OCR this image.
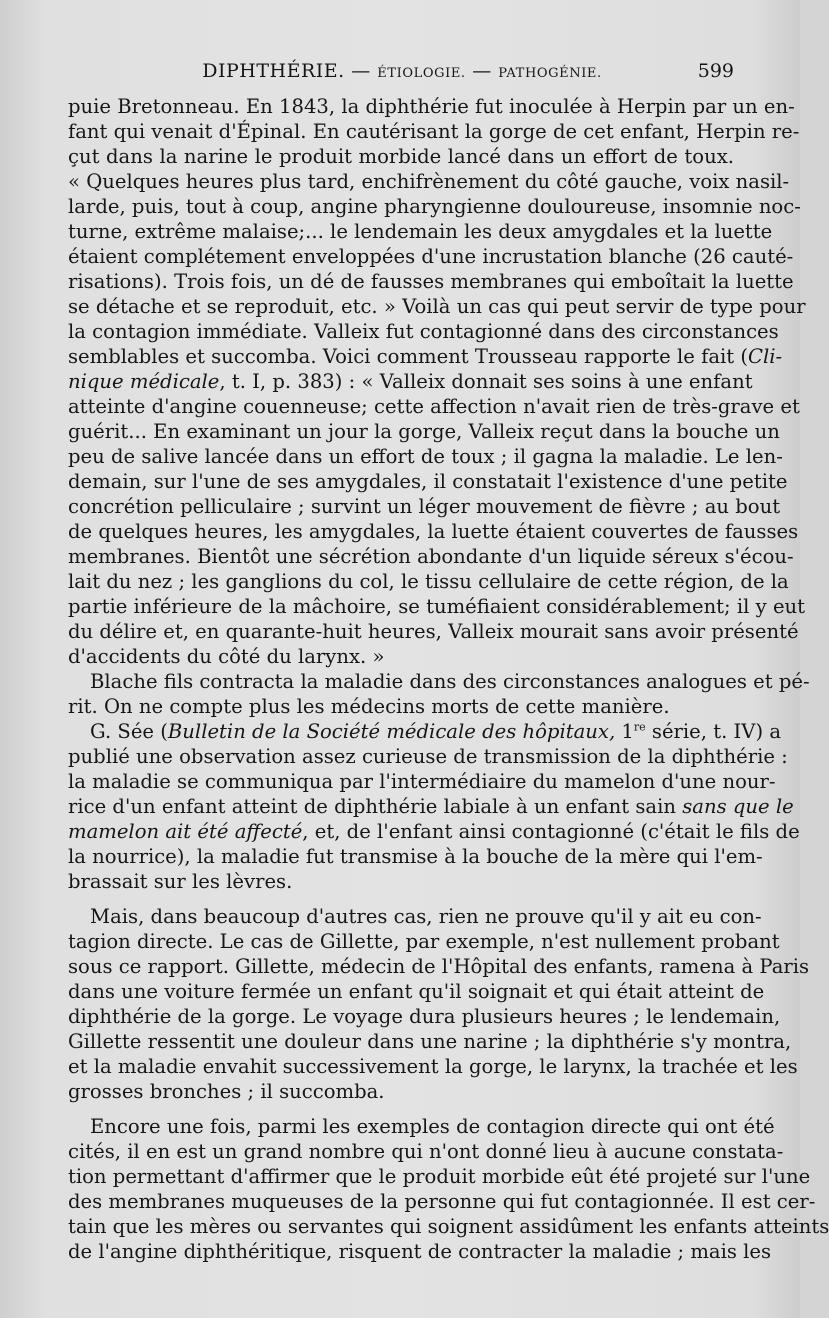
DIPHTHÉRIE. — ÉTIOLOGIE. — PATHOGÉNIE.	599
puie Bretonneau. En 1843, la diphthérie fut inoculée à Herpin par un en-
fant qui venait d'Épinal. En cautérisant la gorge de cet enfant, Herpin re-
çut dans la narine le produit morbide lancé dans un effort de toux.
« Quelques heures plus tard, enchifrènement du côté gauche, voix nasil-
larde, puis, tout à coup, angine pharyngienne douloureuse, insomnie noc-
turne, extrême malaise;... le lendemain les deux amygdales et la luette
étaient complétement enveloppées d'une incrustation blanche (26 cauté-
risations). Trois fois, un dé de fausses membranes qui emboîtait la luette
se détache et se reproduit, etc. » Voilà un cas qui peut servir de type pour
la contagion immédiate. Valleix fut contagionné dans des circonstances
semblables et succomba. Voici comment Trousseau rapporte le fait (Cli-
nique médicale, t. I, p. 383) : « Valleix donnait ses soins à une enfant
atteinte d'angine couenneuse; cette affection n'avait rien de très-grave et
guérit... En examinant un jour la gorge, Valleix reçut dans la bouche un
peu de salive lancée dans un effort de toux ; il gagna la maladie. Le len-
demain, sur l'une de ses amygdales, il constatait l'existence d'une petite
concrétion pelliculaire ; survint un léger mouvement de fièvre ; au bout
de quelques heures, les amygdales, la luette étaient couvertes de fausses
membranes. Bientôt une sécrétion abondante d'un liquide séreux s'écou-
lait du nez ; les ganglions du col, le tissu cellulaire de cette région, de la
partie inférieure de la mâchoire, se tuméfiaient considérablement; il y eut
du délire et, en quarante-huit heures, Valleix mourait sans avoir présenté
d'accidents du côté du larynx. »
Blache fils contracta la maladie dans des circonstances analogues et pé-
rit. On ne compte plus les médecins morts de cette manière.
G. Sée (Bulletin de la Société médicale des hôpitaux, 1re série, t. IV) a
publié une observation assez curieuse de transmission de la diphthérie :
la maladie se communiqua par l'intermédiaire du mamelon d'une nour-
rice d'un enfant atteint de diphthérie labiale à un enfant sain sans que le
mamelon ait été affecté, et, de l'enfant ainsi contagionné (c'était le fils de
la nourrice), la maladie fut transmise à la bouche de la mère qui l'em-
brassait sur les lèvres.
Mais, dans beaucoup d'autres cas, rien ne prouve qu'il y ait eu con-
tagion directe. Le cas de Gillette, par exemple, n'est nullement probant
sous ce rapport. Gillette, médecin de l'Hôpital des enfants, ramena à Paris
dans une voiture fermée un enfant qu'il soignait et qui était atteint de
diphthérie de la gorge. Le voyage dura plusieurs heures ; le lendemain,
Gillette ressentit une douleur dans une narine ; la diphthérie s'y montra,
et la maladie envahit successivement la gorge, le larynx, la trachée et les
grosses bronches ; il succomba.
Encore une fois, parmi les exemples de contagion directe qui ont été
cités, il en est un grand nombre qui n'ont donné lieu à aucune constata-
tion permettant d'affirmer que le produit morbide eût été projeté sur l'une
des membranes muqueuses de la personne qui fut contagionnée. Il est cer-
tain que les mères ou servantes qui soignent assidûment les enfants atteints
de l'angine diphthéritique, risquent de contracter la maladie ; mais les
